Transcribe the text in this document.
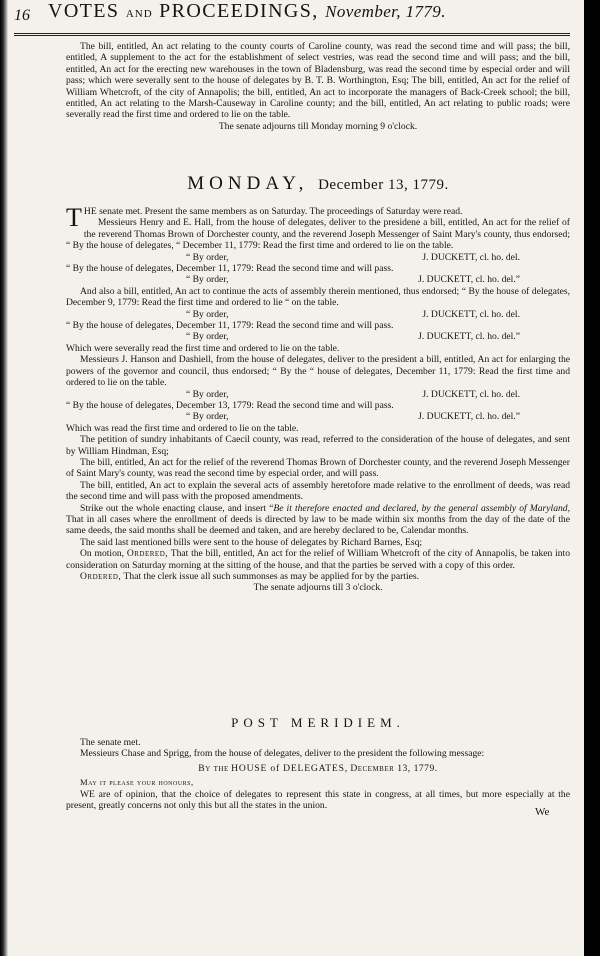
16 VOTES AND PROCEEDINGS, November, 1779.

The bill, entitled, An act relating to the county courts of Caroline county, was read the second time and will pass; the bill, entitled, A supplement to the act for the establishment of select vestries, was read the second time and will pass; and the bill, entitled, An act for the erecting new warehouses in the town of Bladensburg, was read the second time by especial order and will pass; which were severally sent to the house of delegates by B. T. B. Worthington, Esq; The bill, entitled, An act for the relief of William Whetcroft, of the city of Annapolis; the bill, entitled, An act to incorporate the managers of Back-Creek school; the bill, entitled, An act relating to the Marsh-Causeway in Caroline county; and the bill, entitled, An act relating to public roads; were severally read the first time and ordered to lie on the table.

The senate adjourns till Monday morning 9 o'clock.

MONDAY, December 13, 1779.

THE senate met. Present the same members as on Saturday. The proceedings of Saturday were read.

Messieurs Henry and E. Hall, from the house of delegates, deliver to the presidene a bill, entitled, An act for the relief of the reverend Thomas Brown of Dorchester county, and the reverend Joseph Messenger of Saint Mary's county, thus endorsed; “ By the house of delegates, “ December 11, 1779: Read the first time and ordered to lie on the table.

“ By order,	J. DUCKETT, cl. ho. del.

“ By the house of delegates, December 11, 1779: Read the second time and will pass.

“ By order,	J. DUCKETT, cl. ho. del.”

And also a bill, entitled, An act to continue the acts of assembly therein mentioned, thus endorsed; “ By the house of delegates, December 9, 1779: Read the first time and ordered to lie “ on the table.

“ By order,	J. DUCKETT, cl. ho. del.

“ By the house of delegates, December 11, 1779: Read the second time and will pass.

“ By order,	J. DUCKETT, cl. ho. del.”

Which were severally read the first time and ordered to lie on the table.

Messieurs J. Hanson and Dashiell, from the house of delegates, deliver to the president a bill, entitled, An act for enlarging the powers of the governor and council, thus endorsed; “ By the “ house of delegates, December 11, 1779: Read the first time and ordered to lie on the table.

“ By order,	J. DUCKETT, cl. ho. del.

“ By the house of delegates, December 13, 1779: Read the second time and will pass.

“ By order,	J. DUCKETT, cl. ho. del.”

Which was read the first time and ordered to lie on the table.

The petition of sundry inhabitants of Caecil county, was read, referred to the consideration of the house of delegates, and sent by William Hindman, Esq;

The bill, entitled, An act for the relief of the reverend Thomas Brown of Dorchester county, and the reverend Joseph Messenger of Saint Mary's county, was read the second time by especial order, and will pass.

The bill, entitled, An act to explain the several acts of assembly heretofore made relative to the enrollment of deeds, was read the second time and will pass with the proposed amendments.

Strike out the whole enacting clause, and insert “Be it therefore enacted and declared, by the general assembly of Maryland, That in all cases where the enrollment of deeds is directed by law to be made within six months from the day of the date of the same deeds, the said months shall be deemed and taken, and are hereby declared to be, Calendar months.

The said last mentioned bills were sent to the house of delegates by Richard Barnes, Esq;

On motion, Ordered, That the bill, entitled, An act for the relief of William Whetcroft of the city of Annapolis, be taken into consideration on Saturday morning at the sitting of the house, and that the parties be served with a copy of this order.

Ordered, That the clerk issue all such summonses as may be applied for by the parties.

The senate adjourns till 3 o'clock.

POST MERIDIEM.

The senate met.

Messieurs Chase and Sprigg, from the house of delegates, deliver to the president the following message:

By the HOUSE of DELEGATES, December 13, 1779.

May it please your honours,

WE are of opinion, that the choice of delegates to represent this state in congress, at all times, but more especially at the present, greatly concerns not only this but all the states in the union.

We
